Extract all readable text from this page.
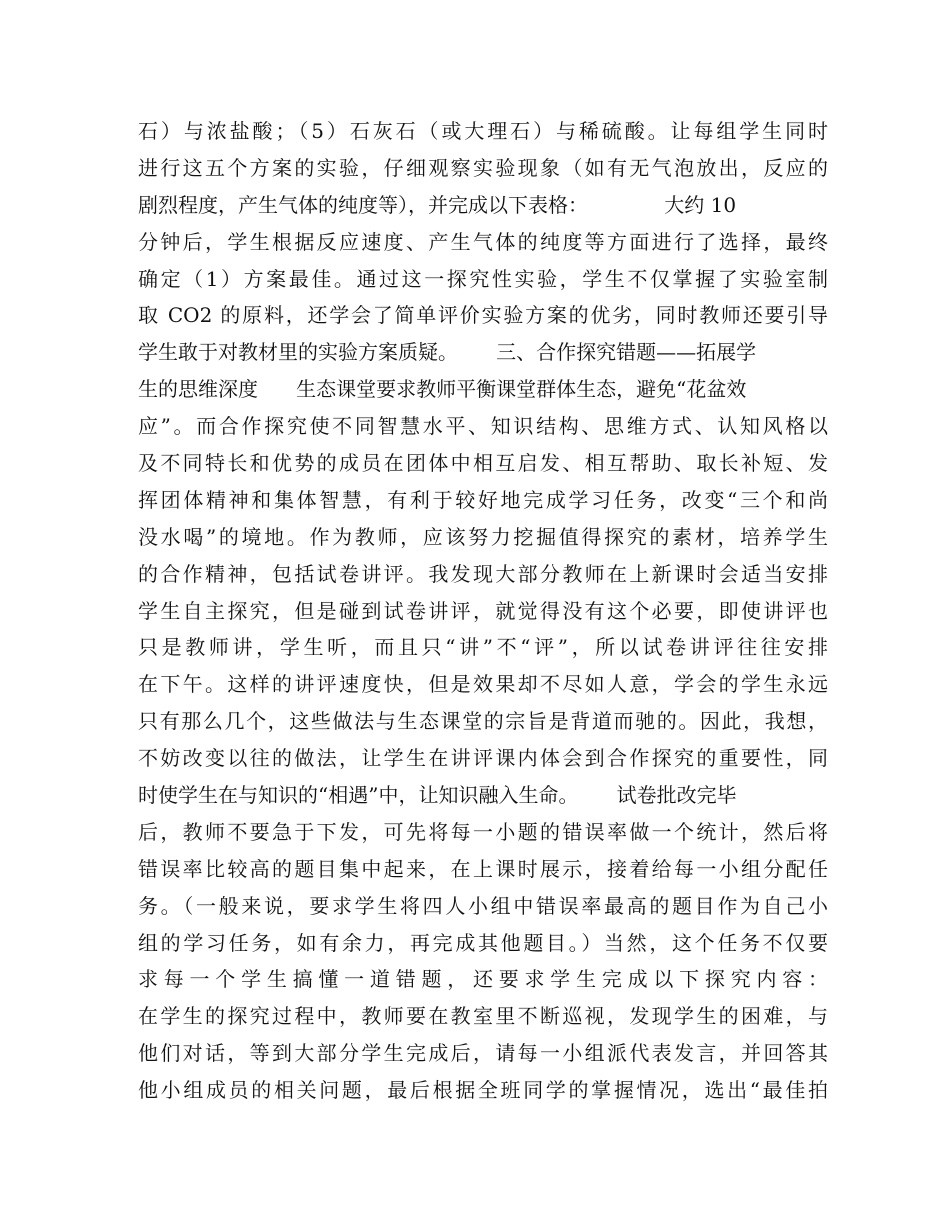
石）与浓盐酸；（5）石灰石（或大理石）与稀硫酸。让每组学生同时
进行这五个方案的实验，仔细观察实验现象（如有无气泡放出，反应的
剧烈程度，产生气体的纯度等），并完成以下表格：            大约 10
分钟后，学生根据反应速度、产生气体的纯度等方面进行了选择，最终
确定（1）方案最佳。通过这一探究性实验，学生不仅掌握了实验室制
取 CO2 的原料，还学会了简单评价实验方案的优劣，同时教师还要引导
学生敢于对教材里的实验方案质疑。      三、合作探究错题——拓展学
生的思维深度      生态课堂要求教师平衡课堂群体生态，避免“花盆效
应”。而合作探究使不同智慧水平、知识结构、思维方式、认知风格以
及不同特长和优势的成员在团体中相互启发、相互帮助、取长补短、发
挥团体精神和集体智慧，有利于较好地完成学习任务，改变“三个和尚
没水喝”的境地。作为教师，应该努力挖掘值得探究的素材，培养学生
的合作精神，包括试卷讲评。我发现大部分教师在上新课时会适当安排
学生自主探究，但是碰到试卷讲评，就觉得没有这个必要，即使讲评也
只是教师讲，学生听，而且只“讲”不“评”，所以试卷讲评往往安排
在下午。这样的讲评速度快，但是效果却不尽如人意，学会的学生永远
只有那么几个，这些做法与生态课堂的宗旨是背道而驰的。因此，我想，
不妨改变以往的做法，让学生在讲评课内体会到合作探究的重要性，同
时使学生在与知识的“相遇”中，让知识融入生命。      试卷批改完毕
后，教师不要急于下发，可先将每一小题的错误率做一个统计，然后将
错误率比较高的题目集中起来，在上课时展示，接着给每一小组分配任
务。（一般来说，要求学生将四人小组中错误率最高的题目作为自己小
组的学习任务，如有余力，再完成其他题目。）当然，这个任务不仅要
求每一个学生搞懂一道错题，还要求学生完成以下探究内容：
在学生的探究过程中，教师要在教室里不断巡视，发现学生的困难，与
他们对话，等到大部分学生完成后，请每一小组派代表发言，并回答其
他小组成员的相关问题，最后根据全班同学的掌握情况，选出“最佳拍
